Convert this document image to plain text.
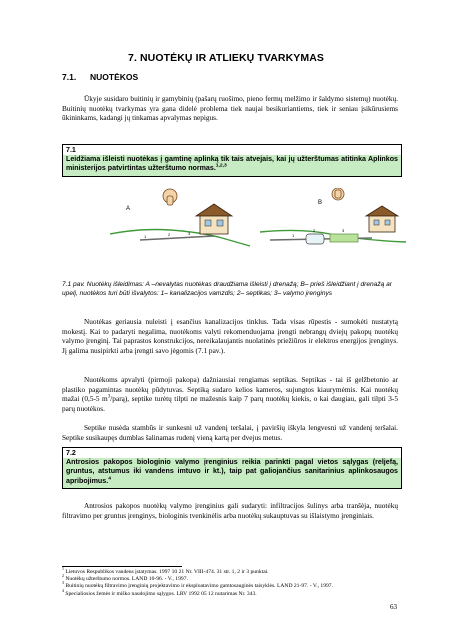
7. NUOTĖKŲ IR ATLIEKŲ TVARKYMAS
7.1. NUOTĖKOS
Ūkyje susidaro buitinių ir gamybinių (pašarų ruošimo, pieno fermų melžimo ir šaldymo sistemų) nuotėkų. Buitinių nuotėkų tvarkymas yra gana didelė problema tiek naujai besikuriantiems, tiek ir seniau įsikūrusiems ūkininkams, kadangi jų tinkamas apvalymas nepigus.
7.1
Leidžiama išleisti nuotėkas į gamtinę aplinką tik tais atvejais, kai jų užterštumas atitinka Aplinkos ministerijos patvirtintas užterštumo normas.$^{1,2,3}$
A
1	2	3
B
1
2	3
7.1 pav. Nuotėkų išleidimas: A –nevalytas nuotėkas draudžiama išleisti į drenažą; B– prieš išleidžiant į drenažą ar upelį, nuotėkos turi būti išvalytos: 1– kanalizacijos vamzdis; 2– septikas; 3– valymo įrenginys
Nuotėkas geriausia nuleisti į esančius kanalizacijos tinklus. Tada visas rūpestis - sumokėti nustatytą mokestį. Kai to padaryti negalima, nuotėkoms valyti rekomenduojama įrengti nebrangų dviejų pakopų nuotėkų valymo įrenginį. Tai paprastos konstrukcijos, nereikalaujantis nuolatinės priežiūros ir elektros energijos įrenginys. Jį galima nusipirkti arba įrengti savo jėgomis (7.1 pav.).
Nuotėkoms apvalyti (pirmoji pakopa) dažniausiai rengiamas septikas. Septikas - tai iš gelžbetonio ar plastiko pagamintas nuotėkų pūdytuvas. Septiką sudaro kelios kameros, sujungtos kiaurymėmis. Kai nuotėkų mažai (0,5-5 $m^3/parą$), septike turėtų tilpti ne mažesnis kaip 7 parų nuotėkų kiekis, o kai daugiau, gali tilpti 3-5 parų nuotėkos.
Septike nusėda stambūs ir sunkesni už vandenį teršalai, į paviršių iškyla lengvesni už vandenį teršalai. Septike susikaupęs dumblas šalinamas rudenį vieną kartą per dvejus metus.
7.2
Antrosios pakopos biologinio valymo įrenginius reikia parinkti pagal vietos sąlygas (reljefą, gruntus, atstumus iki vandens imtuvo ir kt.), taip pat galiojančius sanitarinius aplinkosaugos apribojimus.$^4$
Antrosios pakopos nuotėkų valymo įrenginius gali sudaryti: infiltracijos šulinys arba tranšėja, nuotėkų filtravimo per gruntus įrenginys, biologinis tvenkinėlis arba nuotėkų sukauptuvas su išlaistymo įrenginiais.
$^1$ Lietuvos Respublikos vandens įstatymas. 1997 10 21 Nr. VIII-474. 31 str. 1, 2 ir 3 punktai.
$^2$ Nuotėkų užterštumo normos. LAND 10-96. - V., 1997.
$^3$ Buitinių nuotėkų filtravimo įrenginių projektavimo ir eksploatavimo gamtosauginės taisyklės. LAND 21-97. - V., 1997.
$^4$ Specialiosios žemės ir miško naudojimo sąlygos. LRV 1992 05 12 nutarimas Nr. 343.
63
